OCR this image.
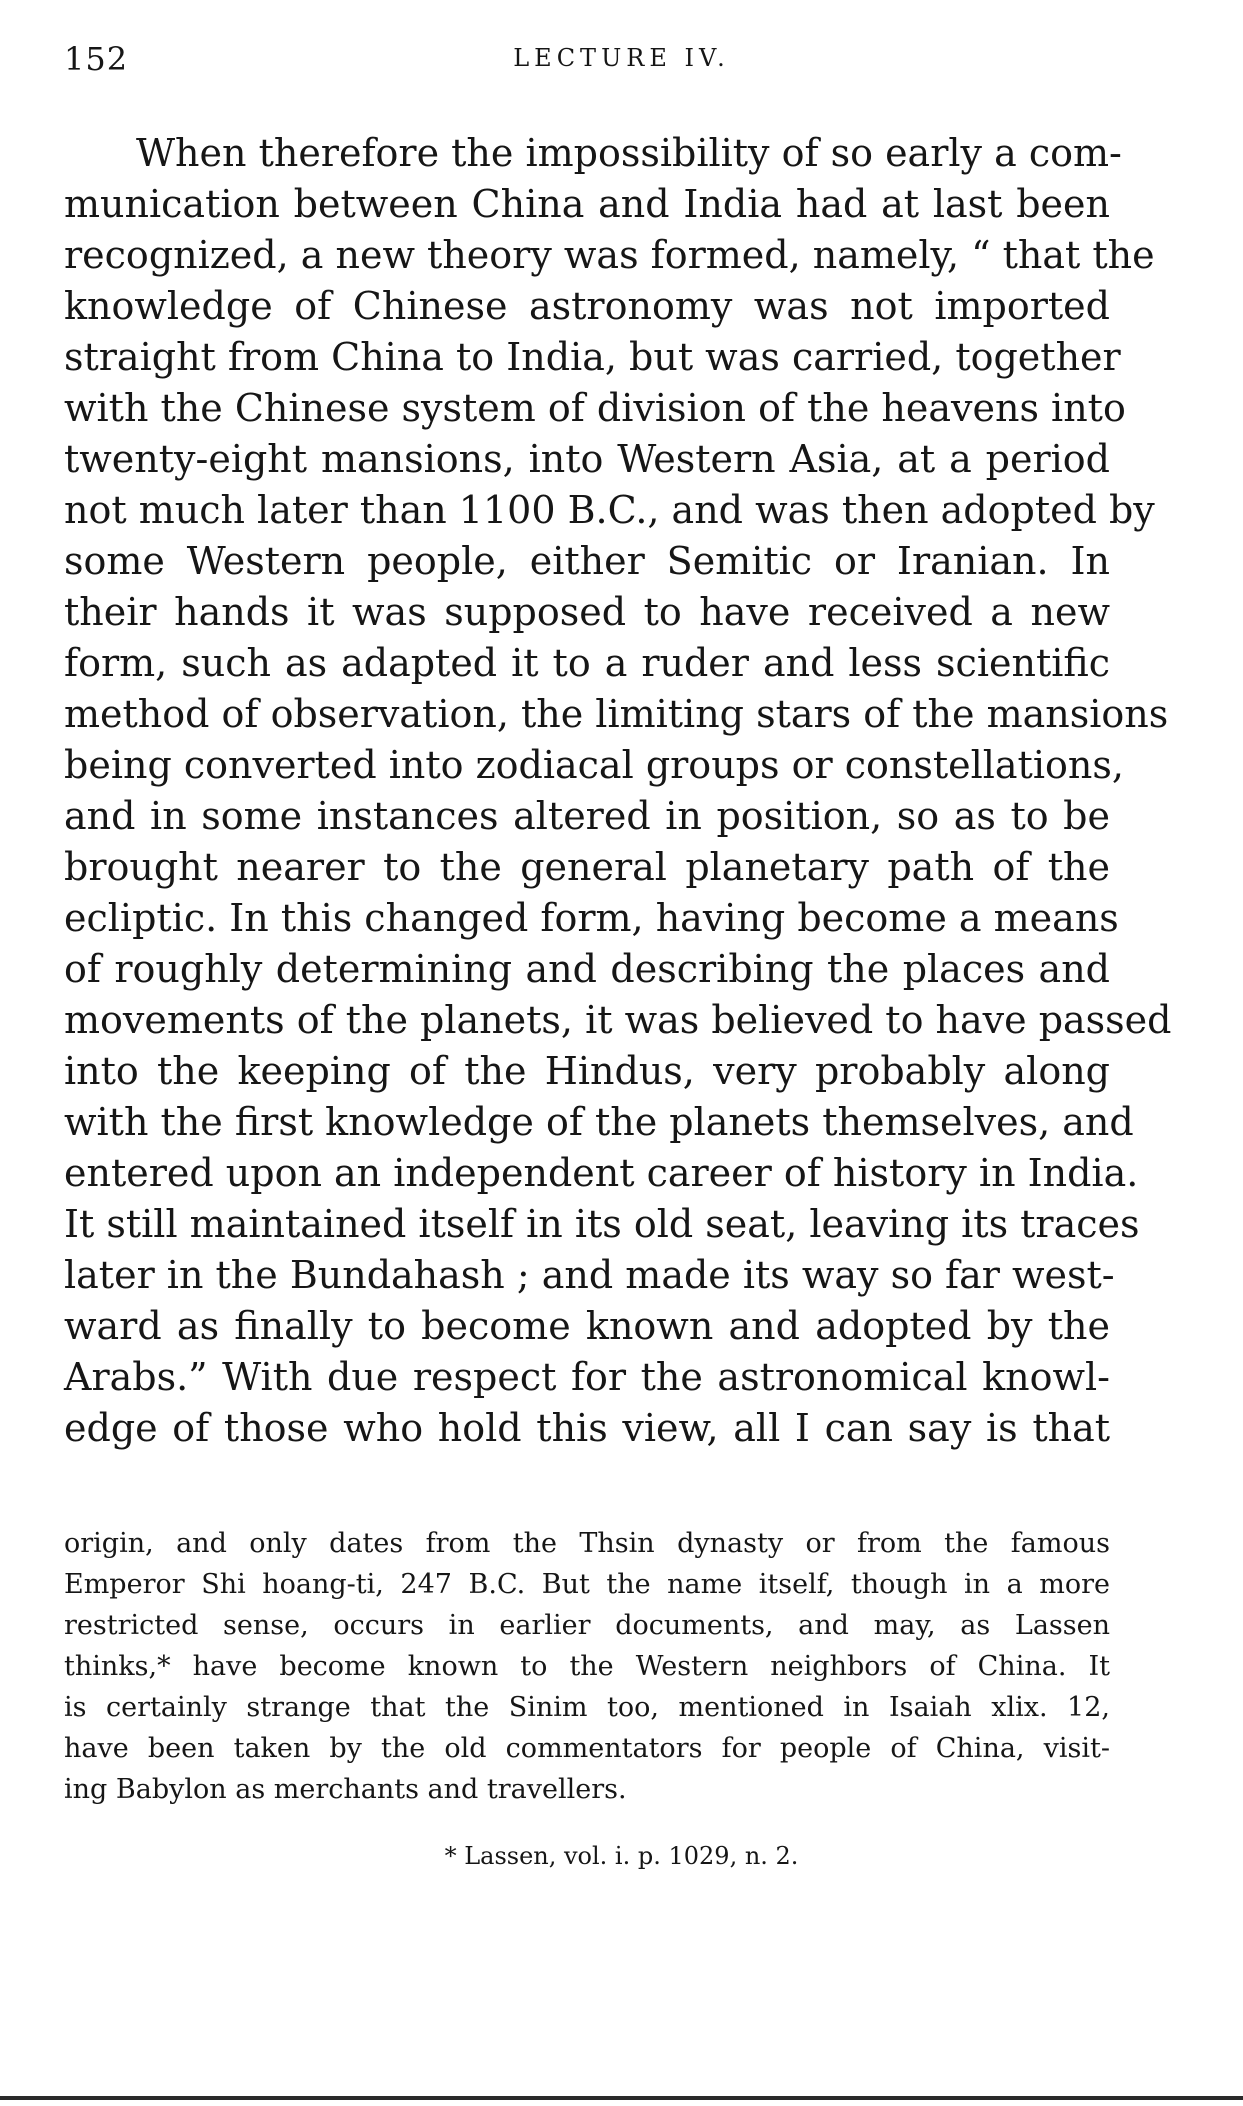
152	LECTURE IV.
When therefore the impossibility of so early a com-
munication between China and India had at last been
recognized, a new theory was formed, namely, “ that the
knowledge of Chinese astronomy was not imported
straight from China to India, but was carried, together
with the Chinese system of division of the heavens into
twenty-eight mansions, into Western Asia, at a period
not much later than 1100 B.C., and was then adopted by
some Western people, either Semitic or Iranian. In
their hands it was supposed to have received a new
form, such as adapted it to a ruder and less scientific
method of observation, the limiting stars of the mansions
being converted into zodiacal groups or constellations,
and in some instances altered in position, so as to be
brought nearer to the general planetary path of the
ecliptic. In this changed form, having become a means
of roughly determining and describing the places and
movements of the planets, it was believed to have passed
into the keeping of the Hindus, very probably along
with the first knowledge of the planets themselves, and
entered upon an independent career of history in India.
It still maintained itself in its old seat, leaving its traces
later in the Bundahash ; and made its way so far west-
ward as finally to become known and adopted by the
Arabs.” With due respect for the astronomical knowl-
edge of those who hold this view, all I can say is that
origin, and only dates from the Thsin dynasty or from the famous
Emperor Shi hoang-ti, 247 B.C. But the name itself, though in a more
restricted sense, occurs in earlier documents, and may, as Lassen
thinks,* have become known to the Western neighbors of China. It
is certainly strange that the Sinim too, mentioned in Isaiah xlix. 12,
have been taken by the old commentators for people of China, visit-
ing Babylon as merchants and travellers.
* Lassen, vol. i. p. 1029, n. 2.
